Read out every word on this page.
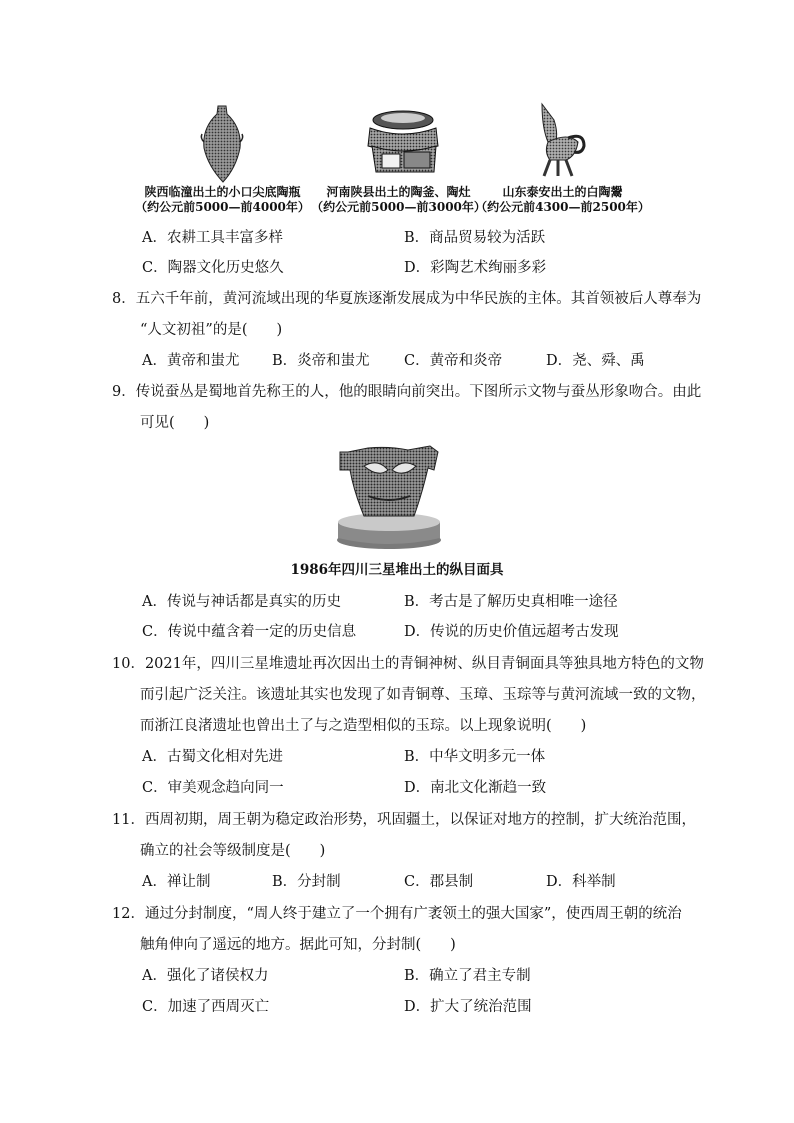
陕西临潼出土的小口尖底陶瓶
（约公元前5000—前4000年）
河南陕县出土的陶釜、陶灶
（约公元前5000—前3000年）
山东泰安出土的白陶鬶
（约公元前4300—前2500年）
A．农耕工具丰富多样	B．商品贸易较为活跃
C．陶器文化历史悠久	D．彩陶艺术绚丽多彩
8．五六千年前，黄河流域出现的华夏族逐渐发展成为中华民族的主体。其首领被后人尊奉为
“人文初祖”的是(　　)
A．黄帝和蚩尤 B．炎帝和蚩尤 C．黄帝和炎帝	D．尧、舜、禹
9．传说蚕丛是蜀地首先称王的人，他的眼睛向前突出。下图所示文物与蚕丛形象吻合。由此
可见(　　)
1986年四川三星堆出土的纵目面具
A．传说与神话都是真实的历史	B．考古是了解历史真相唯一途径
C．传说中蕴含着一定的历史信息	D．传说的历史价值远超考古发现
10．2021年，四川三星堆遗址再次因出土的青铜神树、纵目青铜面具等独具地方特色的文物
而引起广泛关注。该遗址其实也发现了如青铜尊、玉璋、玉琮等与黄河流域一致的文物，
而浙江良渚遗址也曾出土了与之造型相似的玉琮。以上现象说明(　　)
A．古蜀文化相对先进	B．中华文明多元一体
C．审美观念趋向同一	D．南北文化渐趋一致
11．西周初期，周王朝为稳定政治形势，巩固疆土，以保证对地方的控制，扩大统治范围，
确立的社会等级制度是(　　)
A．禅让制	B．分封制	C．郡县制	D．科举制
12．通过分封制度，“周人终于建立了一个拥有广袤领土的强大国家”，使西周王朝的统治
触角伸向了遥远的地方。据此可知，分封制(　　)
A．强化了诸侯权力	B．确立了君主专制
C．加速了西周灭亡	D．扩大了统治范围
